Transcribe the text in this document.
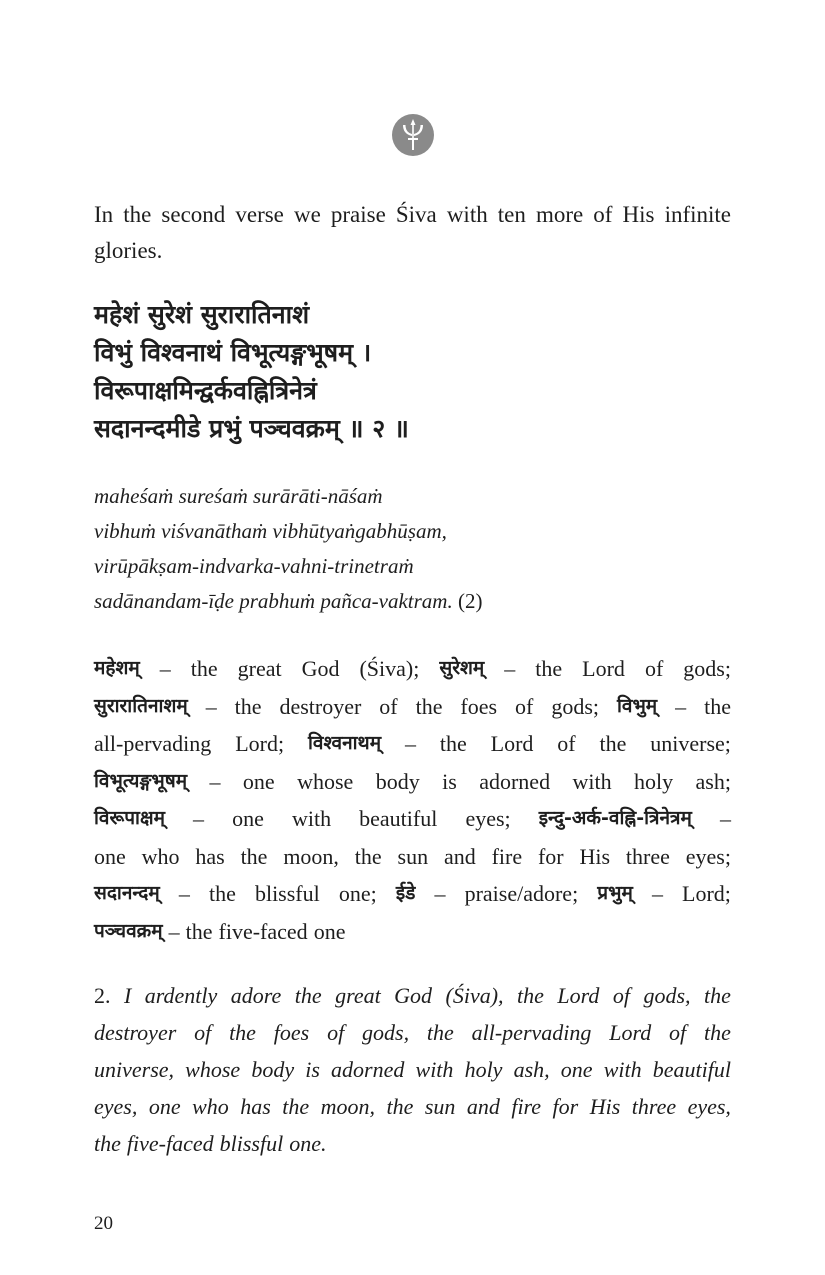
In the second verse we praise Śiva with ten more of His infinite glories.
महेशं सुरेशं सुरारातिनाशं
विभुं विश्वनाथं विभूत्यङ्गभूषम् ।
विरूपाक्षमिन्द्वर्कवह्नित्रिनेत्रं
सदानन्दमीडे प्रभुं पञ्चवक्रम् ॥ २ ॥
maheśaṁ sureśaṁ surārāti-nāśaṁ
vibhuṁ viśvanāthaṁ vibhūtyaṅgabhūṣam,
virūpākṣam-indvarka-vahni-trinetraṁ
sadānandam-īḍe prabhuṁ pañca-vaktram. (2)
महेशम् – the great God (Śiva); सुरेशम् – the Lord of gods;
सुरारातिनाशम् – the destroyer of the foes of gods; विभुम् – the
all-pervading Lord; विश्वनाथम् – the Lord of the universe;
विभूत्यङ्गभूषम् – one whose body is adorned with holy ash;
विरूपाक्षम् – one with beautiful eyes; इन्दु-अर्क-वह्नि-त्रिनेत्रम् –
one who has the moon, the sun and fire for His three eyes;
सदानन्दम् – the blissful one; ईडे – praise/adore; प्रभुम् – Lord;
पञ्चवक्रम् – the five-faced one
2. I ardently adore the great God (Śiva), the Lord of gods, the
destroyer of the foes of gods, the all-pervading Lord of the
universe, whose body is adorned with holy ash, one with beautiful
eyes, one who has the moon, the sun and fire for His three eyes,
the five-faced blissful one.
20
